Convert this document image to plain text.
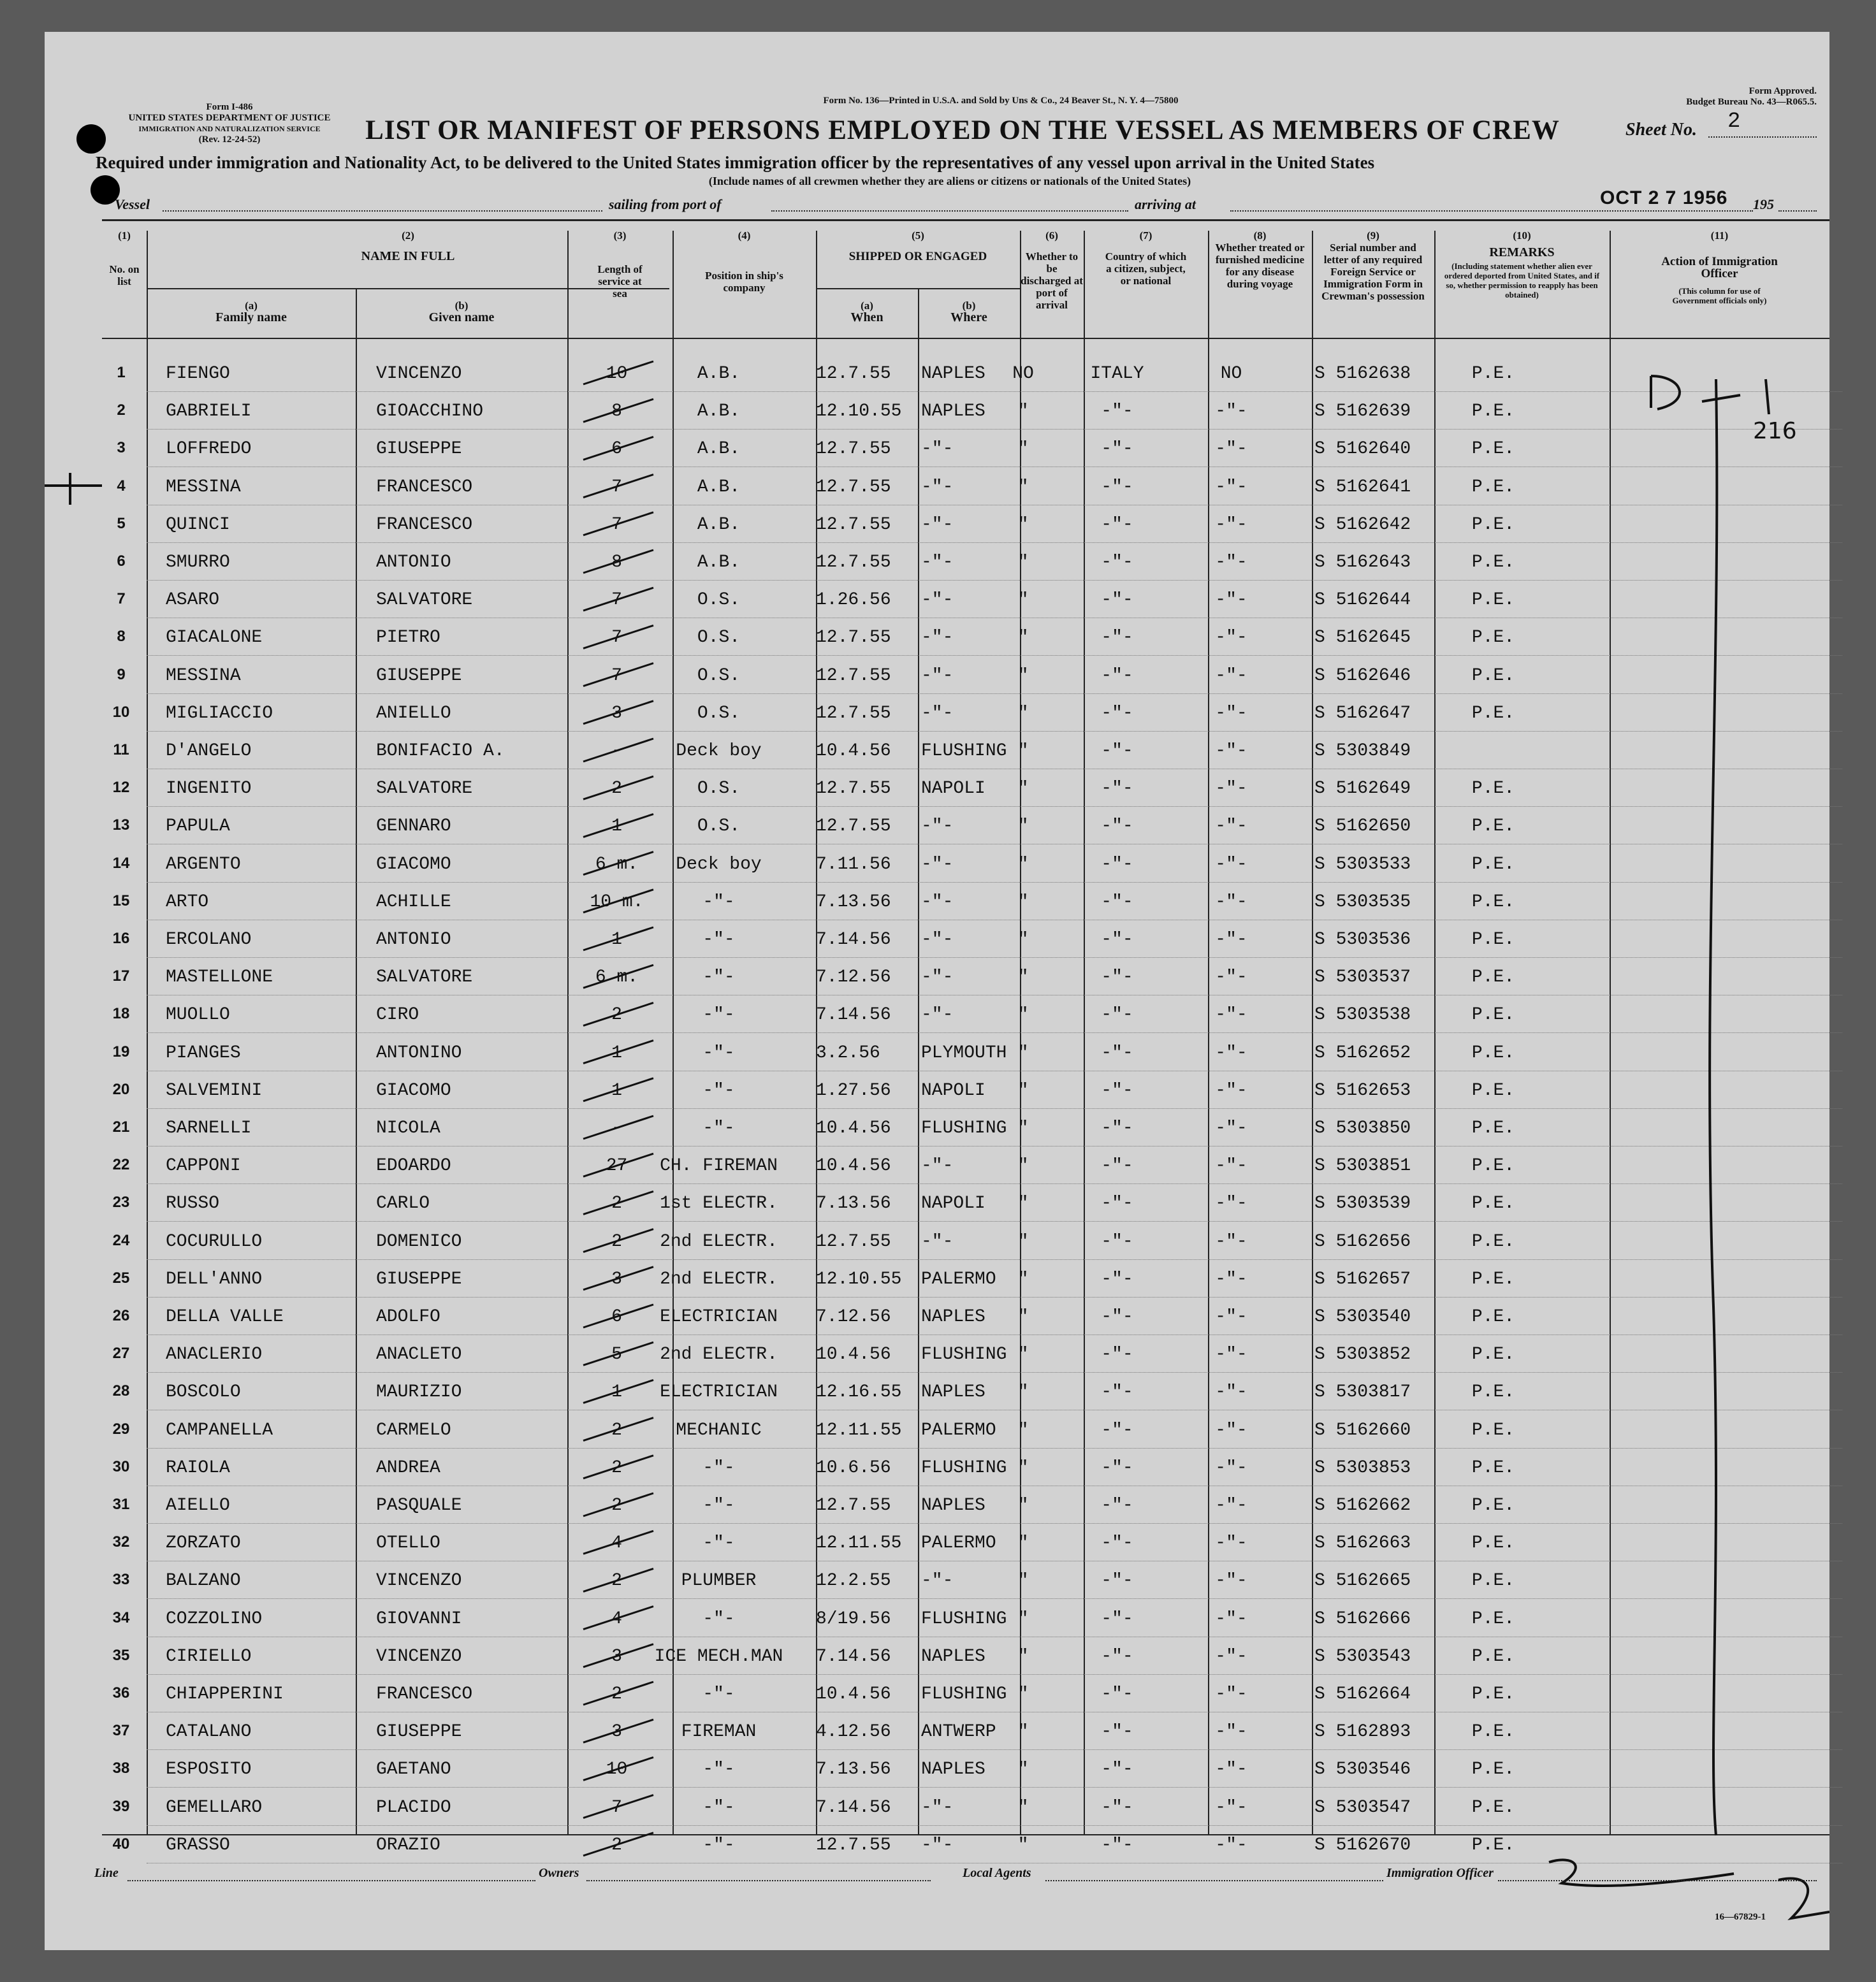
Form I-486
UNITED STATES DEPARTMENT OF JUSTICE
IMMIGRATION AND NATURALIZATION SERVICE
(Rev. 12-24-52)
Form No. 136—Printed in U.S.A. and Sold by Uns & Co., 24 Beaver St., N. Y. 4—75800
Form Approved.
Budget Bureau No. 43—R065.5.
LIST OR MANIFEST OF PERSONS EMPLOYED ON THE VESSEL AS MEMBERS OF CREW	Sheet No. 2
Required under immigration and Nationality Act, to be delivered to the United States immigration officer by the representatives of any vessel upon arrival in the United States
(Include names of all crewmen whether they are aliens or citizens or nationals of the United States)
Vessel	sailing from port of	arriving at	OCT 2 7 1956 195
(1)
No. on list
(2)
NAME IN FULL
(a)
Family name
(b)
Given name
(3)
Length of service at sea
(4)
Position in ship's company
(5)
SHIPPED OR ENGAGED
(a)
When
(b)
Where
(6)
Whether to be discharged at port of arrival
(7)
Country of which a citizen, subject, or national
(8)
Whether treated or furnished medicine for any disease during voyage
(9)
Serial number and letter of any required Foreign Service or Immigration Form in Crewman's possession
(10)
REMARKS
(Including statement whether alien ever ordered deported from United States, and if so, whether permission to reapply has been obtained)
(11)
Action of Immigration Officer
(This column for use of Government officials only)
1	FIENGO	VINCENZO	10	A.B.	12.7.55 NAPLES	NO	ITALY	NO	S 5162638	P.E.
2	GABRIELI	GIOACCHINO	8	A.B.	12.10.55 NAPLES	"	-"-	-"-	S 5162639	P.E.
3	LOFFREDO	GIUSEPPE	6	A.B.	12.7.55 -"-	"	-"-	-"-	S 5162640	P.E.
4	MESSINA	FRANCESCO	7	A.B.	12.7.55 -"-	"	-"-	-"-	S 5162641	P.E.
5	QUINCI	FRANCESCO	7	A.B.	12.7.55 -"-	"	-"-	-"-	S 5162642	P.E.
6	SMURRO	ANTONIO	8	A.B.	12.7.55 -"-	"	-"-	-"-	S 5162643	P.E.
7	ASARO	SALVATORE	7	O.S.	1.26.56 -"-	"	-"-	-"-	S 5162644	P.E.
8	GIACALONE	PIETRO	7	O.S.	12.7.55 -"-	"	-"-	-"-	S 5162645	P.E.
9	MESSINA	GIUSEPPE	7	O.S.	12.7.55 -"-	"	-"-	-"-	S 5162646	P.E.
10	MIGLIACCIO	ANIELLO	3	O.S.	12.7.55 -"-	"	-"-	-"-	S 5162647	P.E.
11	D'ANGELO	BONIFACIO A.	-	Deck boy	10.4.56 FLUSHING "	-"-	-"-	S 5303849
12	INGENITO	SALVATORE	2	O.S.	12.7.55 NAPOLI	"	-"-	-"-	S 5162649	P.E.
13	PAPULA	GENNARO	1	O.S.	12.7.55 -"-	"	-"-	-"-	S 5162650	P.E.
14	ARGENTO	GIACOMO	6 m.	Deck boy	7.11.56 -"-	"	-"-	-"-	S 5303533	P.E.
15	ARTO	ACHILLE	10 m.	-"-	7.13.56 -"-	"	-"-	-"-	S 5303535	P.E.
16	ERCOLANO	ANTONIO	1	-"-	7.14.56 -"-	"	-"-	-"-	S 5303536	P.E.
17	MASTELLONE	SALVATORE	6 m.	-"-	7.12.56 -"-	"	-"-	-"-	S 5303537	P.E.
18	MUOLLO	CIRO	2	-"-	7.14.56 -"-	"	-"-	-"-	S 5303538	P.E.
19	PIANGES	ANTONINO	1	-"-	3.2.56 PLYMOUTH "	-"-	-"-	S 5162652	P.E.
20	SALVEMINI	GIACOMO	1	-"-	1.27.56 NAPOLI	"	-"-	-"-	S 5162653	P.E.
21	SARNELLI	NICOLA	-	-"-	10.4.56 FLUSHING "	-"-	-"-	S 5303850	P.E.
22	CAPPONI	EDOARDO	27	CH. FIREMAN	10.4.56 -"-	"	-"-	-"-	S 5303851	P.E.
23	RUSSO	CARLO	2	1st ELECTR.	7.13.56 NAPOLI	"	-"-	-"-	S 5303539	P.E.
24	COCURULLO	DOMENICO	2	2nd ELECTR.	12.7.55 -"-	"	-"-	-"-	S 5162656	P.E.
25	DELL'ANNO	GIUSEPPE	3	2nd ELECTR.	12.10.55 PALERMO	"	-"-	-"-	S 5162657	P.E.
26	DELLA VALLE	ADOLFO	6	ELECTRICIAN	7.12.56 NAPLES	"	-"-	-"-	S 5303540	P.E.
27	ANACLERIO	ANACLETO	5	2nd ELECTR.	10.4.56 FLUSHING "	-"-	-"-	S 5303852	P.E.
28	BOSCOLO	MAURIZIO	1	ELECTRICIAN	12.16.55 NAPLES	"	-"-	-"-	S 5303817	P.E.
29	CAMPANELLA	CARMELO	2	MECHANIC	12.11.55 PALERMO	"	-"-	-"-	S 5162660	P.E.
30	RAIOLA	ANDREA	2	-"-	10.6.56 FLUSHING "	-"-	-"-	S 5303853	P.E.
31	AIELLO	PASQUALE	2	-"-	12.7.55 NAPLES	"	-"-	-"-	S 5162662	P.E.
32	ZORZATO	OTELLO	4	-"-	12.11.55 PALERMO	"	-"-	-"-	S 5162663	P.E.
33	BALZANO	VINCENZO	2	PLUMBER	12.2.55 -"-	"	-"-	-"-	S 5162665	P.E.
34	COZZOLINO	GIOVANNI	4	-"-	8/19.56 FLUSHING "	-"-	-"-	S 5162666	P.E.
35	CIRIELLO	VINCENZO	3	ICE MECH.MAN	7.14.56 NAPLES	"	-"-	-"-	S 5303543	P.E.
36	CHIAPPERINI	FRANCESCO	2	-"-	10.4.56 FLUSHING "	-"-	-"-	S 5162664	P.E.
37	CATALANO	GIUSEPPE	3	FIREMAN	4.12.56 ANTWERP	"	-"-	-"-	S 5162893	P.E.
38	ESPOSITO	GAETANO	10	-"-	7.13.56 NAPLES	"	-"-	-"-	S 5303546	P.E.
39	GEMELLARO	PLACIDO	7	-"-	7.14.56 -"-	"	-"-	-"-	S 5303547	P.E.
40	GRASSO	ORAZIO	2	-"-	12.7.55 -"-	"	-"-	-"-	S 5162670	P.E.
216
Line	Owners	Local Agents	Immigration Officer
16—67829-1
